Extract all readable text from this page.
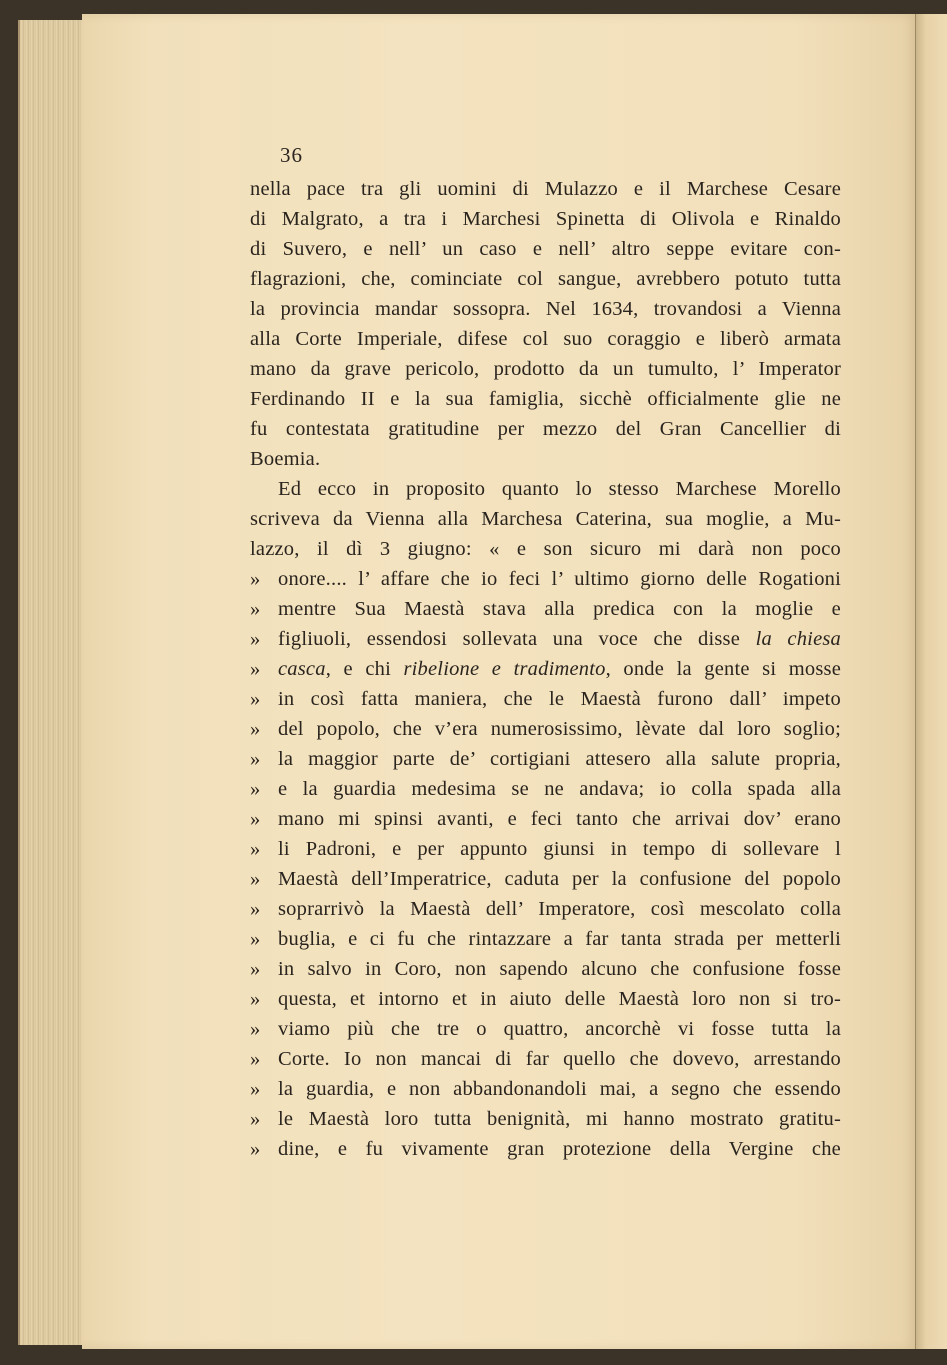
36
nella pace tra gli uomini di Mulazzo e il Marchese Cesare
di Malgrato, a tra i Marchesi Spinetta di Olivola e Rinaldo
di Suvero, e nell’ un caso e nell’ altro seppe evitare con-
flagrazioni, che, cominciate col sangue, avrebbero potuto tutta
la provincia mandar sossopra. Nel 1634, trovandosi a Vienna
alla Corte Imperiale, difese col suo coraggio e liberò armata
mano da grave pericolo, prodotto da un tumulto, l’ Imperator
Ferdinando II e la sua famiglia, sicchè officialmente glie ne
fu contestata gratitudine per mezzo del Gran Cancellier di
Boemia.
Ed ecco in proposito quanto lo stesso Marchese Morello
scriveva da Vienna alla Marchesa Caterina, sua moglie, a Mu-
lazzo, il dì 3 giugno: « e son sicuro mi darà non poco
» onore.... l’ affare che io feci l’ ultimo giorno delle Rogationi
» mentre Sua Maestà stava alla predica con la moglie e
» figliuoli, essendosi sollevata una voce che disse la chiesa
» casca, e chi ribelione e tradimento, onde la gente si mosse
» in così fatta maniera, che le Maestà furono dall’ impeto
» del popolo, che v’era numerosissimo, lèvate dal loro soglio;
» la maggior parte de’ cortigiani attesero alla salute propria,
» e la guardia medesima se ne andava; io colla spada alla
» mano mi spinsi avanti, e feci tanto che arrivai dov’ erano
» li Padroni, e per appunto giunsi in tempo di sollevare l
» Maestà dell’Imperatrice, caduta per la confusione del popolo
» soprarrivò la Maestà dell’ Imperatore, così mescolato colla
» buglia, e ci fu che rintazzare a far tanta strada per metterli
» in salvo in Coro, non sapendo alcuno che confusione fosse
» questa, et intorno et in aiuto delle Maestà loro non si tro-
» viamo più che tre o quattro, ancorchè vi fosse tutta la
» Corte. Io non mancai di far quello che dovevo, arrestando
» la guardia, e non abbandonandoli mai, a segno che essendo
» le Maestà loro tutta benignità, mi hanno mostrato gratitu-
» dine, e fu vivamente gran protezione della Vergine che
